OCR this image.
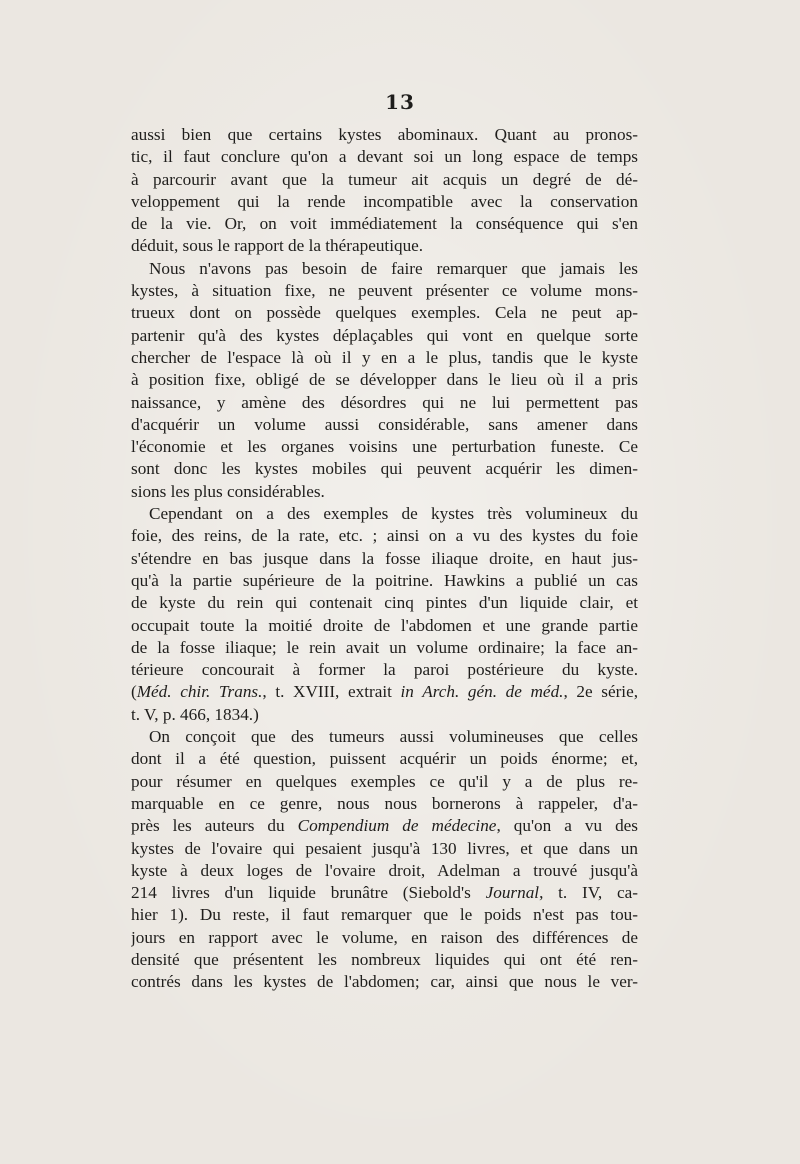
13
aussi bien que certains kystes abominaux. Quant au pronos-
tic, il faut conclure qu'on a devant soi un long espace de temps
à parcourir avant que la tumeur ait acquis un degré de dé-
veloppement qui la rende incompatible avec la conservation
de la vie. Or, on voit immédiatement la conséquence qui s'en
déduit, sous le rapport de la thérapeutique.
Nous n'avons pas besoin de faire remarquer que jamais les
kystes, à situation fixe, ne peuvent présenter ce volume mons-
trueux dont on possède quelques exemples. Cela ne peut ap-
partenir qu'à des kystes déplaçables qui vont en quelque sorte
chercher de l'espace là où il y en a le plus, tandis que le kyste
à position fixe, obligé de se développer dans le lieu où il a pris
naissance, y amène des désordres qui ne lui permettent pas
d'acquérir un volume aussi considérable, sans amener dans
l'économie et les organes voisins une perturbation funeste. Ce
sont donc les kystes mobiles qui peuvent acquérir les dimen-
sions les plus considérables.
Cependant on a des exemples de kystes très volumineux du
foie, des reins, de la rate, etc. ; ainsi on a vu des kystes du foie
s'étendre en bas jusque dans la fosse iliaque droite, en haut jus-
qu'à la partie supérieure de la poitrine. Hawkins a publié un cas
de kyste du rein qui contenait cinq pintes d'un liquide clair, et
occupait toute la moitié droite de l'abdomen et une grande partie
de la fosse iliaque; le rein avait un volume ordinaire; la face an-
térieure concourait à former la paroi postérieure du kyste.
(Méd. chir. Trans., t. XVIII, extrait in Arch. gén. de méd., 2e série,
t. V, p. 466, 1834.)
On conçoit que des tumeurs aussi volumineuses que celles
dont il a été question, puissent acquérir un poids énorme; et,
pour résumer en quelques exemples ce qu'il y a de plus re-
marquable en ce genre, nous nous bornerons à rappeler, d'a-
près les auteurs du Compendium de médecine, qu'on a vu des
kystes de l'ovaire qui pesaient jusqu'à 130 livres, et que dans un
kyste à deux loges de l'ovaire droit, Adelman a trouvé jusqu'à
214 livres d'un liquide brunâtre (Siebold's Journal, t. IV, ca-
hier 1). Du reste, il faut remarquer que le poids n'est pas tou-
jours en rapport avec le volume, en raison des différences de
densité que présentent les nombreux liquides qui ont été ren-
contrés dans les kystes de l'abdomen; car, ainsi que nous le ver-
